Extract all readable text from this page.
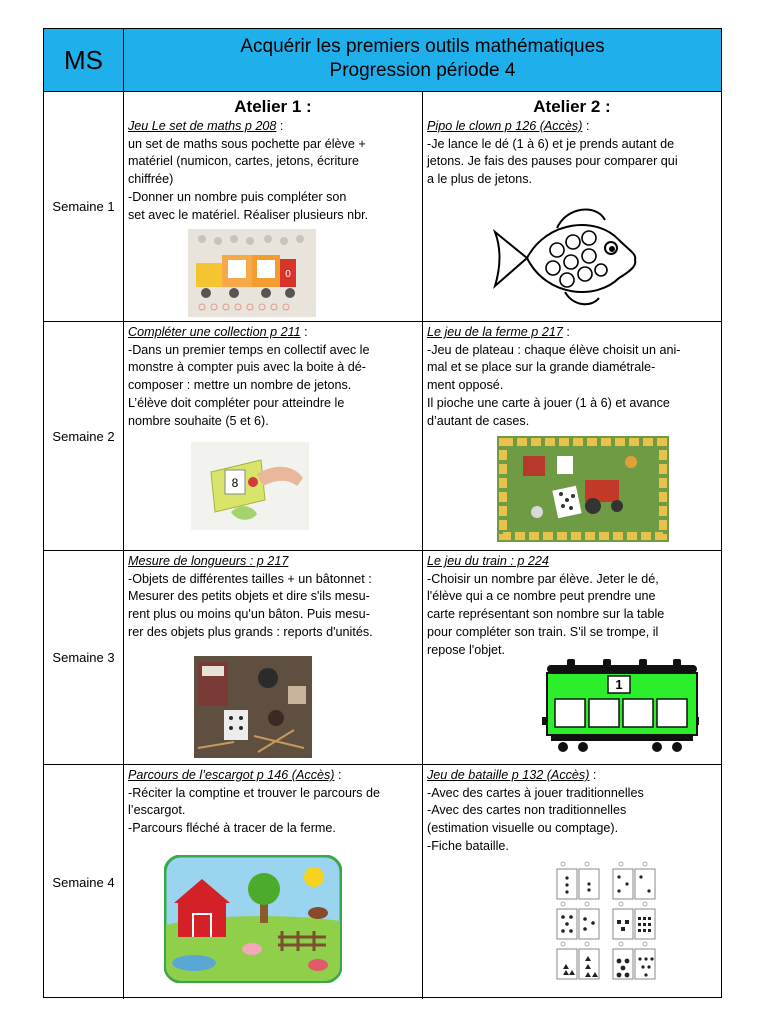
MS	Acquérir les premiers outils mathématiques
Progression période 4
Semaine 1
Atelier 1 :
Jeu Le set de maths p 208 :
un set de maths sous pochette par élève +
matériel (numicon, cartes, jetons, écriture
chiffrée)
-Donner un nombre puis compléter son
set avec le matériel. Réaliser plusieurs nbr.
0
Atelier 2 :
Pipo le clown p 126 (Accès) :
-Je lance le dé (1 à 6) et je prends autant de
jetons. Je fais des pauses pour comparer qui
a le plus de jetons.
Semaine 2
Compléter une collection p 211 :
-Dans un premier temps en collectif avec le
monstre à compter puis avec la boite à dé-
composer : mettre un nombre de jetons.
L’élève doit compléter pour atteindre le
nombre souhaite (5 et 6).
8
Le jeu de la ferme p 217 :
-Jeu de plateau : chaque élève choisit un ani-
mal et se place sur la grande diamétrale-
ment opposé.
Il pioche une carte à jouer (1 à 6) et avance
d’autant de cases.
Semaine 3
Mesure de longueurs : p 217
-Objets de différentes tailles + un bâtonnet :
Mesurer des petits objets et dire s'ils mesu-
rent plus ou moins qu'un bâton. Puis mesu-
rer des objets plus grands : reports d'unités.
Le jeu du train : p 224
-Choisir un nombre par élève. Jeter le dé,
l'élève qui a ce nombre peut prendre une
carte représentant son nombre sur la table
pour compléter son train. S'il se trompe, il
repose l'objet.
1
Semaine 4
Parcours de l’escargot p 146 (Accès) :
-Réciter la comptine et trouver le parcours de
l’escargot.
-Parcours fléché à tracer de la ferme.
Jeu de bataille p 132 (Accès) :
-Avec des cartes à jouer traditionnelles
-Avec des cartes non traditionnelles
(estimation visuelle ou comptage).
-Fiche bataille.
